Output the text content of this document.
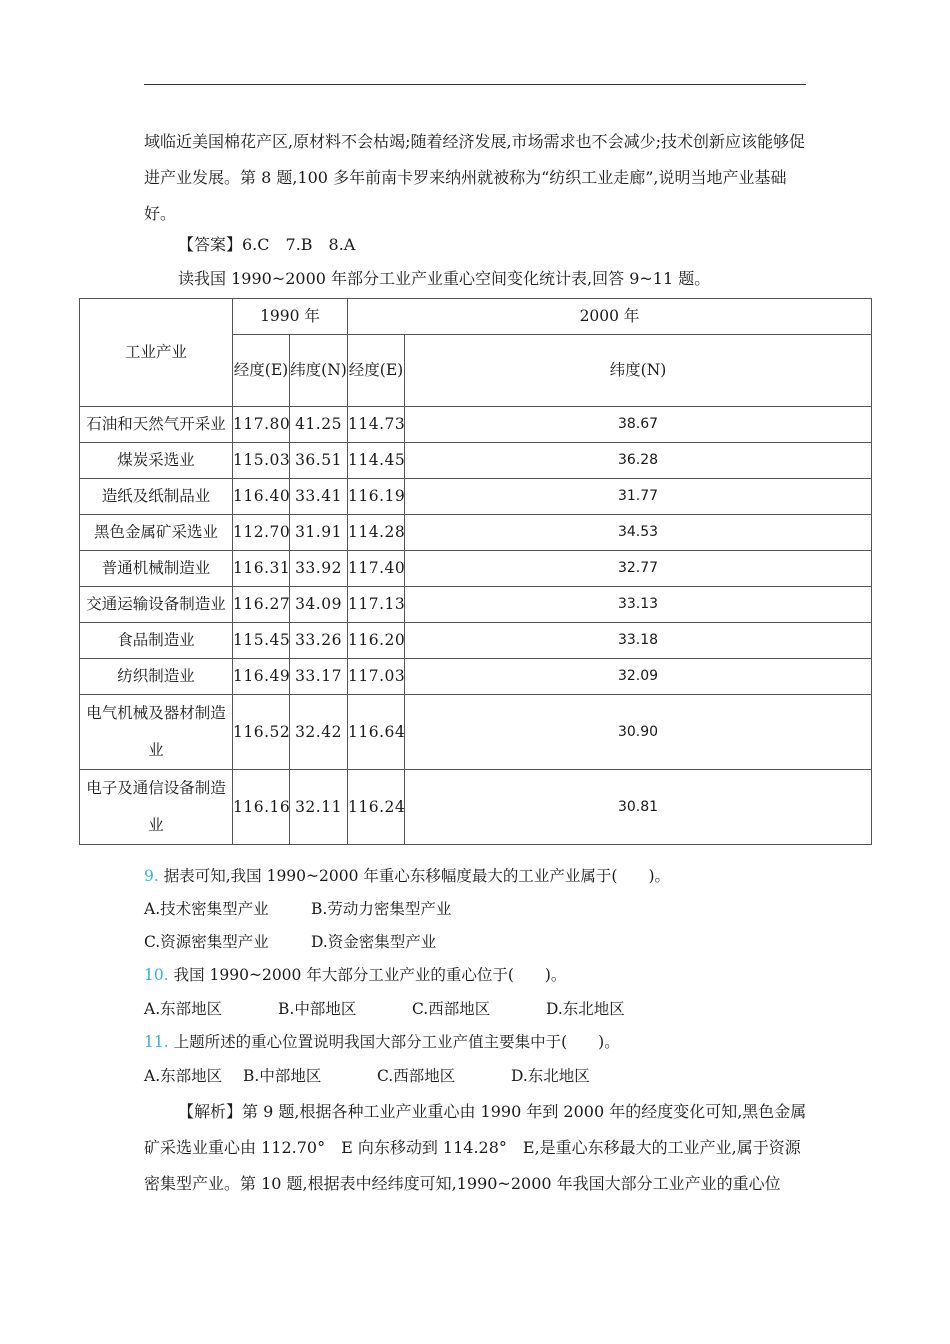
域临近美国棉花产区,原材料不会枯竭;随着经济发展,市场需求也不会减少;技术创新应该能够促进产业发展。第 8 题,100 多年前南卡罗来纳州就被称为“纺织工业走廊”,说明当地产业基础好。

【答案】6.C　7.B　8.A

读我国 1990~2000 年部分工业产业重心空间变化统计表,回答 9~11 题。

工业产业	1990 年		2000 年	
	经度(E)	纬度(N)	经度(E)	纬度(N)
石油和天然气开采业	117.80	41.25	114.73	38.67
煤炭采选业	115.03	36.51	114.45	36.28
造纸及纸制品业	116.40	33.41	116.19	31.77
黑色金属矿采选业	112.70	31.91	114.28	34.53
普通机械制造业	116.31	33.92	117.40	32.77
交通运输设备制造业	116.27	34.09	117.13	33.13
食品制造业	115.45	33.26	116.20	33.18
纺织制造业	116.49	33.17	117.03	32.09
电气机械及器材制造业	116.52	32.42	116.64	30.90
电子及通信设备制造业	116.16	32.11	116.24	30.81
9. 据表可知,我国 1990~2000 年重心东移幅度最大的工业产业属于(　　)。
A.技术密集型产业	B.劳动力密集型产业
C.资源密集型产业	D.资金密集型产业
10. 我国 1990~2000 年大部分工业产业的重心位于(　　)。
A.东部地区	B.中部地区	C.西部地区	D.东北地区
11. 上题所述的重心位置说明我国大部分工业产值主要集中于(　　)。
A.东部地区	B.中部地区	C.西部地区	D.东北地区

【解析】第 9 题,根据各种工业产业重心由 1990 年到 2000 年的经度变化可知,黑色金属矿采选业重心由 112.70°　E 向东移动到 114.28°　E,是重心东移最大的工业产业,属于资源密集型产业。第 10 题,根据表中经纬度可知,1990~2000 年我国大部分工业产业的重心位
